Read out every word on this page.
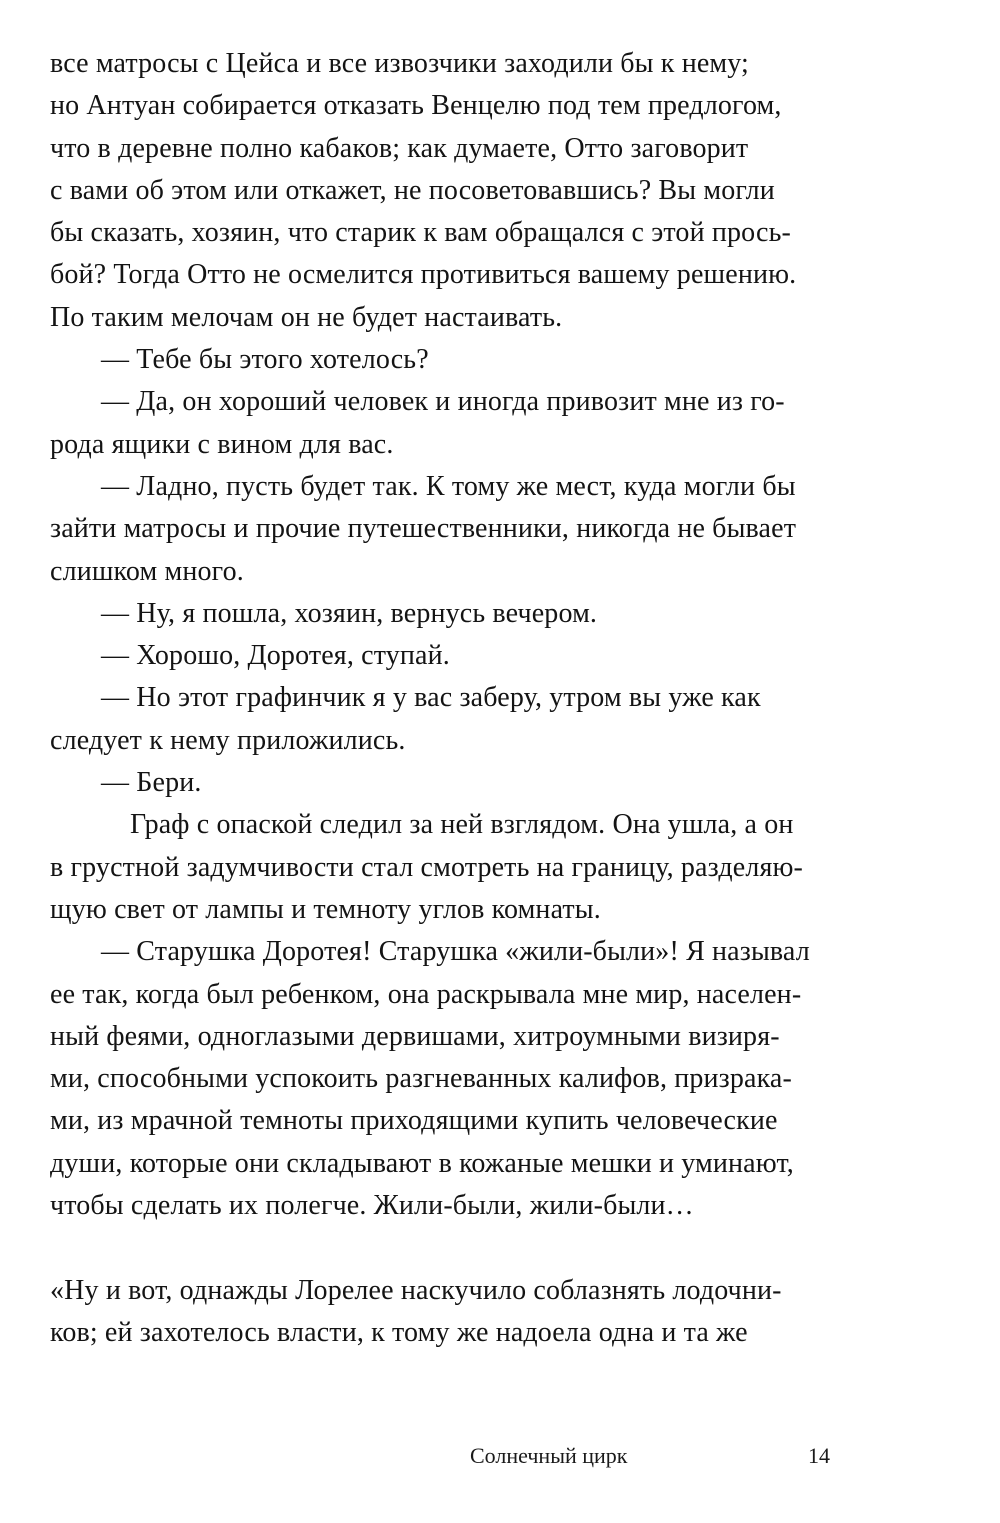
все матросы с Цейса и все извозчики заходили бы к нему;
но Антуан собирается отказать Венцелю под тем предлогом,
что в деревне полно кабаков; как думаете, Отто заговорит
с вами об этом или откажет, не посоветовавшись? Вы могли
бы сказать, хозяин, что старик к вам обращался с этой прось-
бой? Тогда Отто не осмелится противиться вашему решению.
По таким мелочам он не будет настаивать.
— Тебе бы этого хотелось?
— Да, он хороший человек и иногда привозит мне из го-
рода ящики с вином для вас.
— Ладно, пусть будет так. К тому же мест, куда могли бы
зайти матросы и прочие путешественники, никогда не бывает
слишком много.
— Ну, я пошла, хозяин, вернусь вечером.
— Хорошо, Доротея, ступай.
— Но этот графинчик я у вас заберу, утром вы уже как
следует к нему приложились.
— Бери.
Граф с опаской следил за ней взглядом. Она ушла, а он
в грустной задумчивости стал смотреть на границу, разделяю-
щую свет от лампы и темноту углов комнаты.
— Старушка Доротея! Старушка «жили-были»! Я называл
ее так, когда был ребенком, она раскрывала мне мир, населен-
ный феями, одноглазыми дервишами, хитроумными визиря-
ми, способными успокоить разгневанных калифов, призрака-
ми, из мрачной темноты приходящими купить человеческие
души, которые они складывают в кожаные мешки и уминают,
чтобы сделать их полегче. Жили-были, жили-были…
«Ну и вот, однажды Лорелее наскучило соблазнять лодочни-
ков; ей захотелось власти, к тому же надоела одна и та же
Солнечный цирк	14
